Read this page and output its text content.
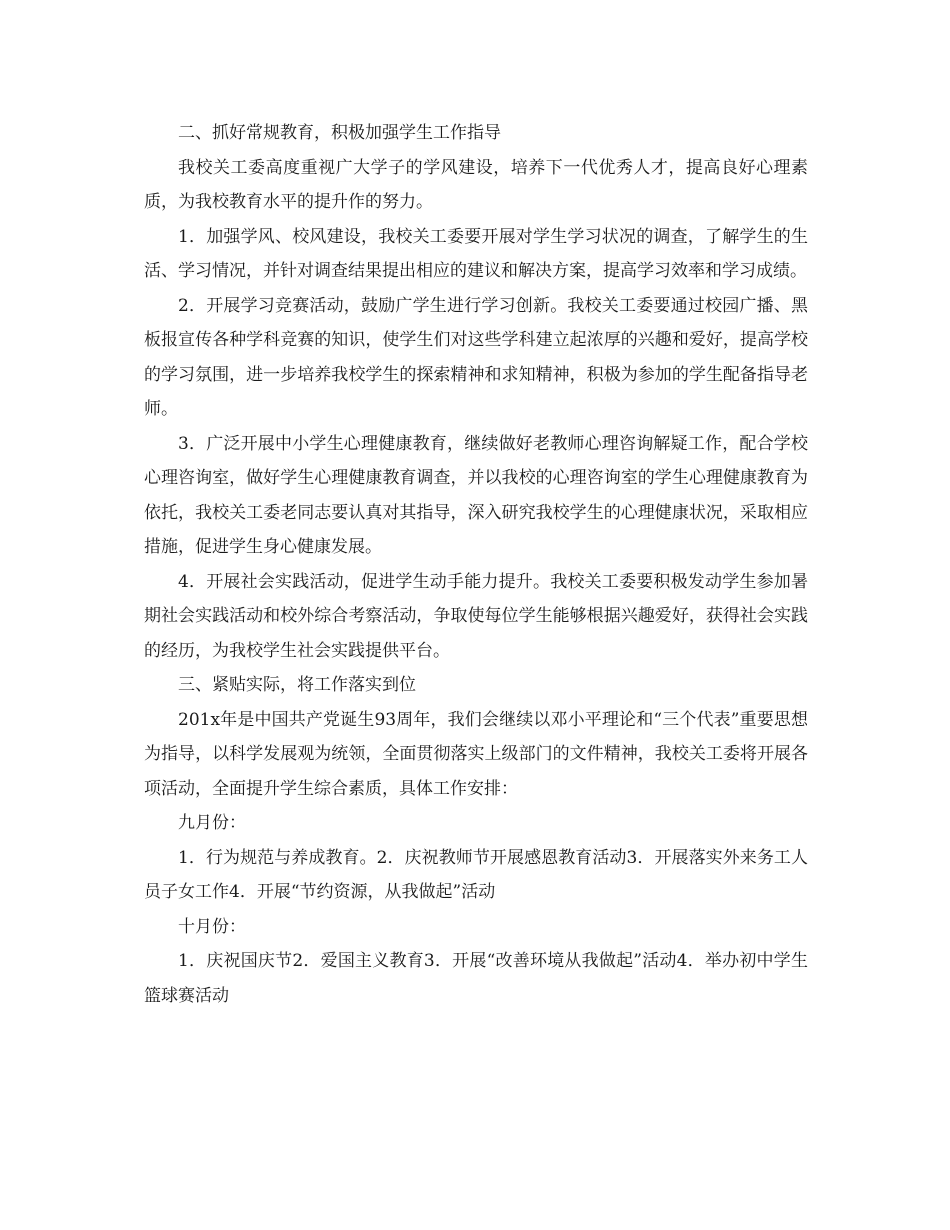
二、抓好常规教育，积极加强学生工作指导

我校关工委高度重视广大学子的学风建设，培养下一代优秀人才，提高良好心理素质，为我校教育水平的提升作的努力。

1．加强学风、校风建设，我校关工委要开展对学生学习状况的调查，了解学生的生活、学习情况，并针对调查结果提出相应的建议和解决方案，提高学习效率和学习成绩。

2．开展学习竞赛活动，鼓励广学生进行学习创新。我校关工委要通过校园广播、黑板报宣传各种学科竞赛的知识，使学生们对这些学科建立起浓厚的兴趣和爱好，提高学校的学习氛围，进一步培养我校学生的探索精神和求知精神，积极为参加的学生配备指导老师。

3．广泛开展中小学生心理健康教育，继续做好老教师心理咨询解疑工作，配合学校心理咨询室，做好学生心理健康教育调查，并以我校的心理咨询室的学生心理健康教育为依托，我校关工委老同志要认真对其指导，深入研究我校学生的心理健康状况，采取相应措施，促进学生身心健康发展。

4．开展社会实践活动，促进学生动手能力提升。我校关工委要积极发动学生参加暑期社会实践活动和校外综合考察活动，争取使每位学生能够根据兴趣爱好，获得社会实践的经历，为我校学生社会实践提供平台。

三、紧贴实际，将工作落实到位

201x年是中国共产党诞生93周年，我们会继续以邓小平理论和“三个代表”重要思想为指导，以科学发展观为统领，全面贯彻落实上级部门的文件精神，我校关工委将开展各项活动，全面提升学生综合素质，具体工作安排：

九月份：

1．行为规范与养成教育。2．庆祝教师节开展感恩教育活动3．开展落实外来务工人员子女工作4．开展“节约资源，从我做起”活动

十月份：

1．庆祝国庆节2．爱国主义教育3．开展“改善环境从我做起”活动4．举办初中学生篮球赛活动
